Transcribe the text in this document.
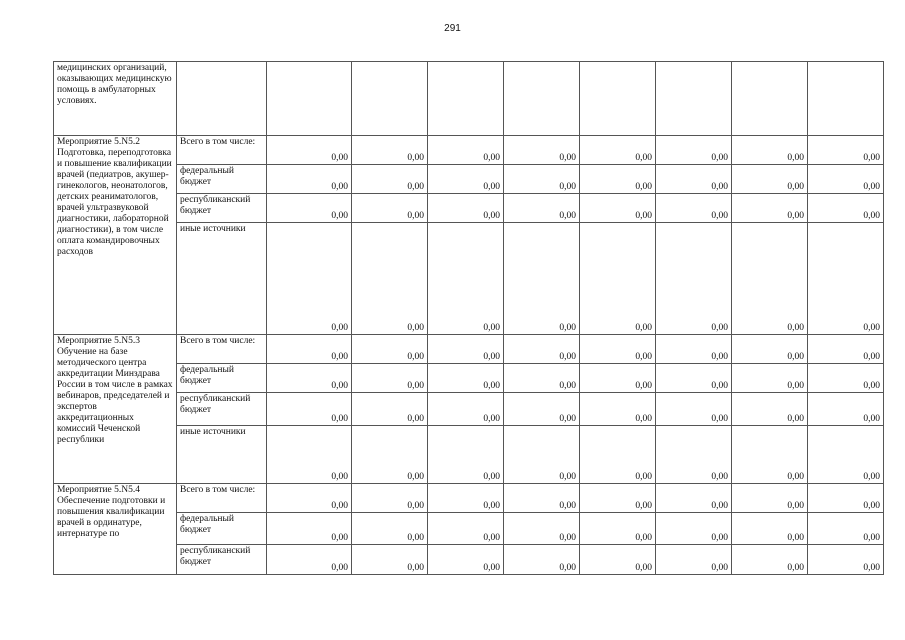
291
медицинских организаций, оказывающих медицинскую помощь в амбулаторных условиях.									
Мероприятие 5.N5.2 Подготовка, переподготовка и повышение квалификации врачей (педиатров, акушер-гинекологов, неонатологов, детских реаниматологов, врачей ультразвуковой диагностики, лабораторной диагностики), в том числе оплата командировочных расходов	Всего в том числе:	0,00	0,00	0,00	0,00	0,00	0,00	0,00	0,00
	федеральный бюджет	0,00	0,00	0,00	0,00	0,00	0,00	0,00	0,00
	республиканский бюджет	0,00	0,00	0,00	0,00	0,00	0,00	0,00	0,00
	иные источники	0,00	0,00	0,00	0,00	0,00	0,00	0,00	0,00
Мероприятие 5.N5.3 Обучение на базе методического центра аккредитации Минздрава России в том числе в рамках вебинаров, председателей и экспертов аккредитационных комиссий Чеченской республики	Всего в том числе:	0,00	0,00	0,00	0,00	0,00	0,00	0,00	0,00
	федеральный бюджет	0,00	0,00	0,00	0,00	0,00	0,00	0,00	0,00
	республиканский бюджет	0,00	0,00	0,00	0,00	0,00	0,00	0,00	0,00
	иные источники	0,00	0,00	0,00	0,00	0,00	0,00	0,00	0,00
Мероприятие 5.N5.4 Обеспечение подготовки и повышения квалификации врачей в ординатуре, интернатуре по	Всего в том числе:	0,00	0,00	0,00	0,00	0,00	0,00	0,00	0,00
	федеральный бюджет	0,00	0,00	0,00	0,00	0,00	0,00	0,00	0,00
	республиканский бюджет	0,00	0,00	0,00	0,00	0,00	0,00	0,00	0,00
